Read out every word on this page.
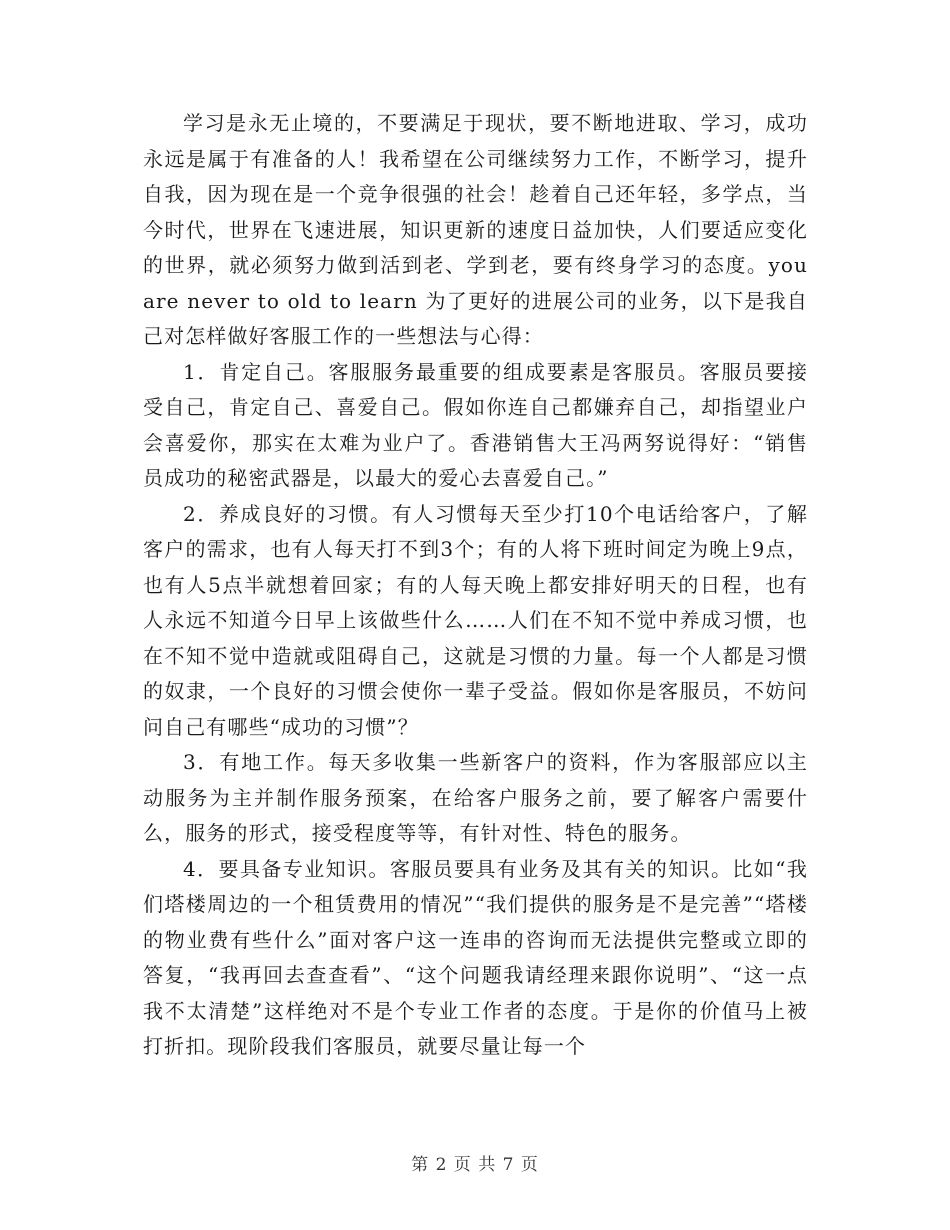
学习是永无止境的，不要满足于现状，要不断地进取、学习，成功永远是属于有准备的人！我希望在公司继续努力工作，不断学习，提升自我，因为现在是一个竞争很强的社会！趁着自己还年轻，多学点，当今时代，世界在飞速进展，知识更新的速度日益加快，人们要适应变化的世界，就必须努力做到活到老、学到老，要有终身学习的态度。you are never to old to learn 为了更好的进展公司的业务，以下是我自己对怎样做好客服工作的一些想法与心得：

1．肯定自己。客服服务最重要的组成要素是客服员。客服员要接受自己，肯定自己、喜爱自己。假如你连自己都嫌弃自己，却指望业户会喜爱你，那实在太难为业户了。香港销售大王冯两努说得好：“销售员成功的秘密武器是，以最大的爱心去喜爱自己。”

2．养成良好的习惯。有人习惯每天至少打10个电话给客户，了解客户的需求，也有人每天打不到3个；有的人将下班时间定为晚上9点，也有人5点半就想着回家；有的人每天晚上都安排好明天的日程，也有人永远不知道今日早上该做些什么……人们在不知不觉中养成习惯，也在不知不觉中造就或阻碍自己，这就是习惯的力量。每一个人都是习惯的奴隶，一个良好的习惯会使你一辈子受益。假如你是客服员，不妨问问自己有哪些“成功的习惯”？

3．有地工作。每天多收集一些新客户的资料，作为客服部应以主动服务为主并制作服务预案，在给客户服务之前，要了解客户需要什么，服务的形式，接受程度等等，有针对性、特色的服务。

4．要具备专业知识。客服员要具有业务及其有关的知识。比如“我们塔楼周边的一个租赁费用的情况”“我们提供的服务是不是完善”“塔楼的物业费有些什么”面对客户这一连串的咨询而无法提供完整或立即的答复，“我再回去查查看”、“这个问题我请经理来跟你说明”、“这一点我不太清楚”这样绝对不是个专业工作者的态度。于是你的价值马上被打折扣。现阶段我们客服员，就要尽量让每一个

第 2 页 共 7 页
